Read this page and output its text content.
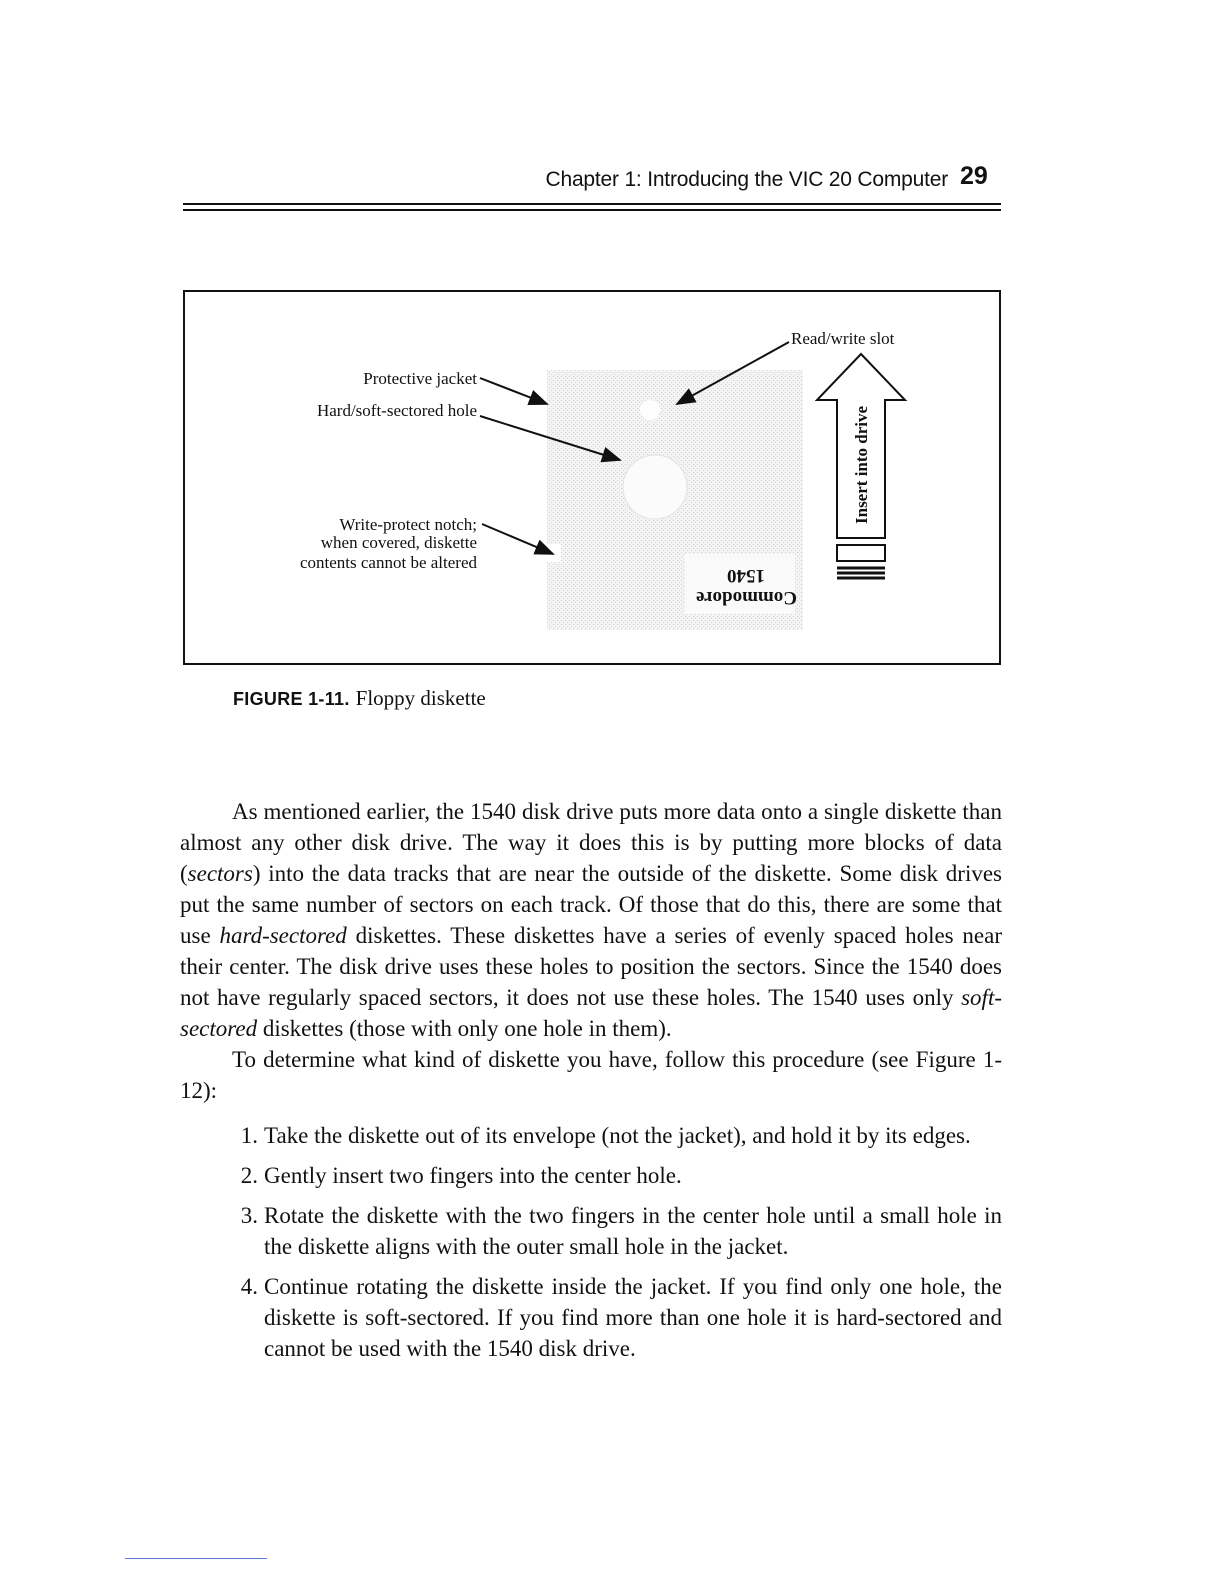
Chapter 1: Introducing the VIC 20 Computer 29
Insert into drive
1540
Commodore
Protective jacket
Hard/soft-sectored hole
Write-protect notch;
when covered, diskette
contents cannot be altered
Read/write slot
FIGURE 1-11. Floppy diskette

As mentioned earlier, the 1540 disk drive puts more data onto a single diskette than almost any other disk drive. The way it does this is by putting more blocks of data (sectors) into the data tracks that are near the outside of the diskette. Some disk drives put the same number of sectors on each track. Of those that do this, there are some that use hard-sectored diskettes. These diskettes have a series of evenly spaced holes near their center. The disk drive uses these holes to position the sectors. Since the 1540 does not have regularly spaced sectors, it does not use these holes. The 1540 uses only soft-sectored diskettes (those with only one hole in them).

To determine what kind of diskette you have, follow this procedure (see Figure 1-12):

1. Take the diskette out of its envelope (not the jacket), and hold it by its edges.
2. Gently insert two fingers into the center hole.
3. Rotate the diskette with the two fingers in the center hole until a small hole in the diskette aligns with the outer small hole in the jacket.
4. Continue rotating the diskette inside the jacket. If you find only one hole, the diskette is soft-sectored. If you find more than one hole it is hard-sectored and cannot be used with the 1540 disk drive.
